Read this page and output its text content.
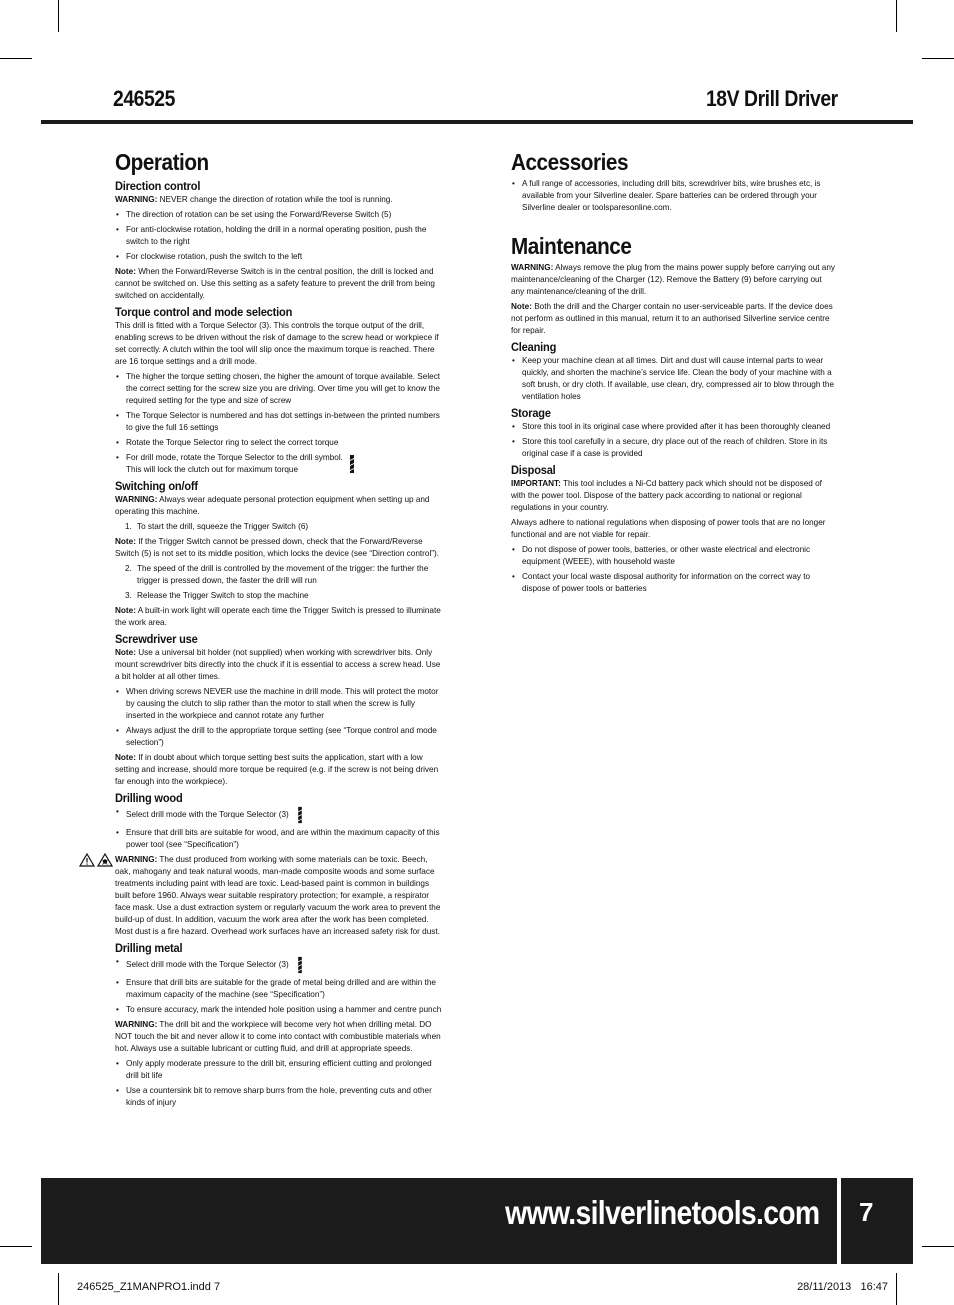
246525	18V Drill Driver
Operation
Direction control

WARNING: NEVER change the direction of rotation while the tool is running.

• The direction of rotation can be set using the Forward/Reverse Switch (5)
• For anti-clockwise rotation, holding the drill in a normal operating position, push the switch to the right
• For clockwise rotation, push the switch to the left

Note: When the Forward/Reverse Switch is in the central position, the drill is locked and cannot be switched on. Use this setting as a safety feature to prevent the drill from being switched on accidentally.

Torque control and mode selection

This drill is fitted with a Torque Selector (3). This controls the torque output of the drill, enabling screws to be driven without the risk of damage to the screw head or workpiece if set correctly. A clutch within the tool will slip once the maximum torque is reached. There are 16 torque settings and a drill mode.

• The higher the torque setting chosen, the higher the amount of torque available. Select the correct setting for the screw size you are driving. Over time you will get to know the required setting for the type and size of screw
• The Torque Selector is numbered and has dot settings in-between the printed numbers to give the full 16 settings
• Rotate the Torque Selector ring to select the correct torque
• For drill mode, rotate the Torque Selector to the drill symbol. This will lock the clutch out for maximum torque
Switching on/off

WARNING: Always wear adequate personal protection equipment when setting up and operating this machine.

1. To start the drill, squeeze the Trigger Switch (6)

Note: If the Trigger Switch cannot be pressed down, check that the Forward/Reverse Switch (5) is not set to its middle position, which locks the device (see “Direction control”).

2. The speed of the drill is controlled by the movement of the trigger: the further the trigger is pressed down, the faster the drill will run
3. Release the Trigger Switch to stop the machine

Note: A built-in work light will operate each time the Trigger Switch is pressed to illuminate the work area.

Screwdriver use

Note: Use a universal bit holder (not supplied) when working with screwdriver bits. Only mount screwdriver bits directly into the chuck if it is essential to access a screw head. Use a bit holder at all other times.

• When driving screws NEVER use the machine in drill mode. This will protect the motor by causing the clutch to slip rather than the motor to stall when the screw is fully inserted in the workpiece and cannot rotate any further
• Always adjust the drill to the appropriate torque setting (see “Torque control and mode selection”)

Note: If in doubt about which torque setting best suits the application, start with a low setting and increase, should more torque be required (e.g. if the screw is not being driven far enough into the workpiece).

Drilling wood
• Select drill mode with the Torque Selector (3)
• Ensure that drill bits are suitable for wood, and are within the maximum capacity of this power tool (see “Specification”)

WARNING: The dust produced from working with some materials can be toxic. Beech, oak, mahogany and teak natural woods, man-made composite woods and some surface treatments including paint with lead are toxic. Lead-based paint is common in buildings built before 1960. Always wear suitable respiratory protection; for example, a respirator face mask. Use a dust extraction system or regularly vacuum the work area to prevent the build-up of dust. In addition, vacuum the work area after the work has been completed. Most dust is a fire hazard. Overhead work surfaces have an increased safety risk for dust.

Drilling metal
• Select drill mode with the Torque Selector (3)
• Ensure that drill bits are suitable for the grade of metal being drilled and are within the maximum capacity of the machine (see “Specification”)
• To ensure accuracy, mark the intended hole position using a hammer and centre punch

WARNING: The drill bit and the workpiece will become very hot when drilling metal. DO NOT touch the bit and never allow it to come into contact with combustible materials when hot. Always use a suitable lubricant or cutting fluid, and drill at appropriate speeds.

• Only apply moderate pressure to the drill bit, ensuring efficient cutting and prolonged drill bit life
• Use a countersink bit to remove sharp burrs from the hole, preventing cuts and other kinds of injury
Accessories
• A full range of accessories, including drill bits, screwdriver bits, wire brushes etc, is available from your Silverline dealer. Spare batteries can be ordered through your Silverline dealer or toolsparesonline.com.
Maintenance

WARNING: Always remove the plug from the mains power supply before carrying out any maintenance/cleaning of the Charger (12). Remove the Battery (9) before carrying out any maintenance/cleaning of the drill.

Note: Both the drill and the Charger contain no user-serviceable parts. If the device does not perform as outlined in this manual, return it to an authorised Silverline service centre for repair.

Cleaning
• Keep your machine clean at all times. Dirt and dust will cause internal parts to wear quickly, and shorten the machine’s service life. Clean the body of your machine with a soft brush, or dry cloth. If available, use clean, dry, compressed air to blow through the ventilation holes
Storage
• Store this tool in its original case where provided after it has been thoroughly cleaned
• Store this tool carefully in a secure, dry place out of the reach of children. Store in its original case if a case is provided
Disposal

IMPORTANT: This tool includes a Ni-Cd battery pack which should not be disposed of with the power tool. Dispose of the battery pack according to national or regional regulations in your country.

Always adhere to national regulations when disposing of power tools that are no longer functional and are not viable for repair.

• Do not dispose of power tools, batteries, or other waste electrical and electronic equipment (WEEE), with household waste
• Contact your local waste disposal authority for information on the correct way to dispose of power tools or batteries
www.silverlinetools.com 7
246525_Z1MANPRO1.indd 7	28/11/2013   16:47
